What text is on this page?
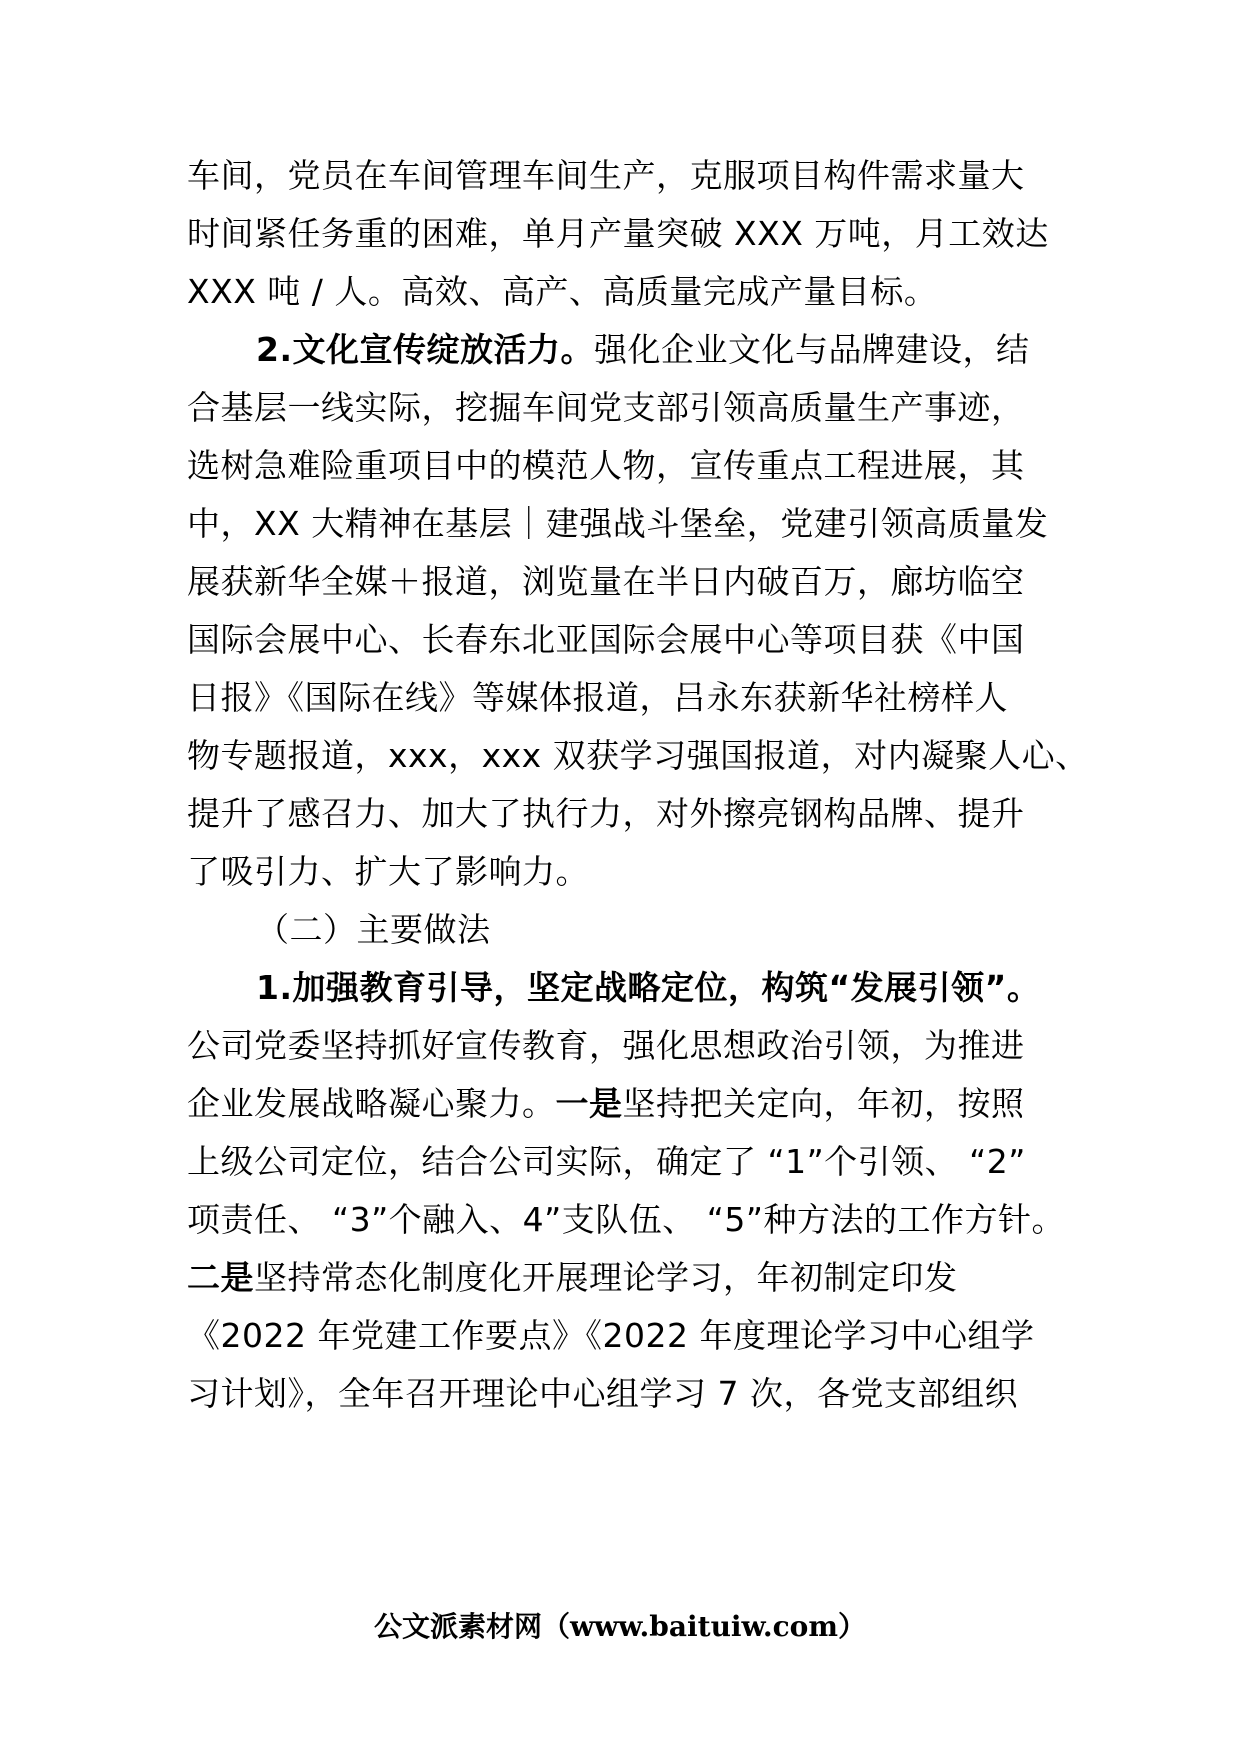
车间，党员在车间管理车间生产，克服项目构件需求量大
时间紧任务重的困难，单月产量突破 XXX 万吨，月工效达
XXX 吨 / 人。高效、高产、高质量完成产量目标。
2.文化宣传绽放活力。强化企业文化与品牌建设，结
合基层一线实际，挖掘车间党支部引领高质量生产事迹，
选树急难险重项目中的模范人物，宣传重点工程进展，其
中，XX 大精神在基层｜建强战斗堡垒，党建引领高质量发
展获新华全媒＋报道，浏览量在半日内破百万，廊坊临空
国际会展中心、长春东北亚国际会展中心等项目获《中国
日报》《国际在线》等媒体报道，吕永东获新华社榜样人
物专题报道，xxx，xxx 双获学习强国报道，对内凝聚人心、
提升了感召力、加大了执行力，对外擦亮钢构品牌、提升
了吸引力、扩大了影响力。
（二）主要做法
1.加强教育引导，坚定战略定位，构筑“发展引领”。
公司党委坚持抓好宣传教育，强化思想政治引领，为推进
企业发展战略凝心聚力。一是坚持把关定向，年初，按照
上级公司定位，结合公司实际，确定了 “1”个引领、 “2”
项责任、 “3”个融入、4”支队伍、 “5”种方法的工作方针。
二是坚持常态化制度化开展理论学习，年初制定印发
《2022 年党建工作要点》《2022 年度理论学习中心组学
习计划》，全年召开理论中心组学习 7 次，各党支部组织
公文派素材网（www.baituiw.com）
